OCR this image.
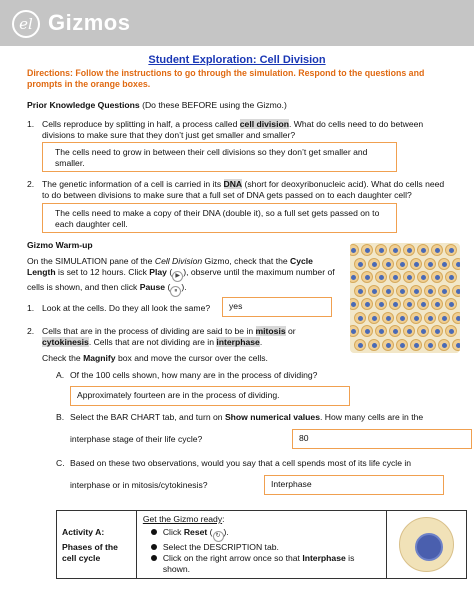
el Gizmos
Student Exploration: Cell Division
Directions: Follow the instructions to go through the simulation. Respond to the questions and prompts in the orange boxes.
Prior Knowledge Questions (Do these BEFORE using the Gizmo.)
1. Cells reproduce by splitting in half, a process called cell division. What do cells need to do between divisions to make sure that they don’t just get smaller and smaller?
The cells need to grow in between their cell divisions so they don’t get smaller and smaller.
2. The genetic information of a cell is carried in its DNA (short for deoxyribonucleic acid). What do cells need to do between divisions to make sure that a full set of DNA gets passed on to each daughter cell?
The cells need to make a copy of their DNA (double it), so a full set gets passed on to each daughter cell.
Gizmo Warm-up
On the SIMULATION pane of the Cell Division Gizmo, check that the Cycle Length is set to 12 hours. Click Play ( ▶ ), observe until the maximum number of cells is shown, and then click Pause ( ⏸ ).
1. Look at the cells. Do they all look the same?	yes
2. Cells that are in the process of dividing are said to be in mitosis or cytokinesis. Cells that are not dividing are in interphase.
Check the Magnify box and move the cursor over the cells.
A. Of the 100 cells shown, how many are in the process of dividing?
Approximately fourteen are in the process of dividing.
B. Select the BAR CHART tab, and turn on Show numerical values. How many cells are in the
interphase stage of their life cycle?	80
C. Based on these two observations, would you say that a cell spends most of its life cycle in
interphase or in mitosis/cytokinesis?	Interphase
Activity A:
Phases of the cell cycle

Get the Gizmo ready:
Click Reset ( ↻ ).
Select the DESCRIPTION tab.
Click on the right arrow once so that Interphase is shown.
